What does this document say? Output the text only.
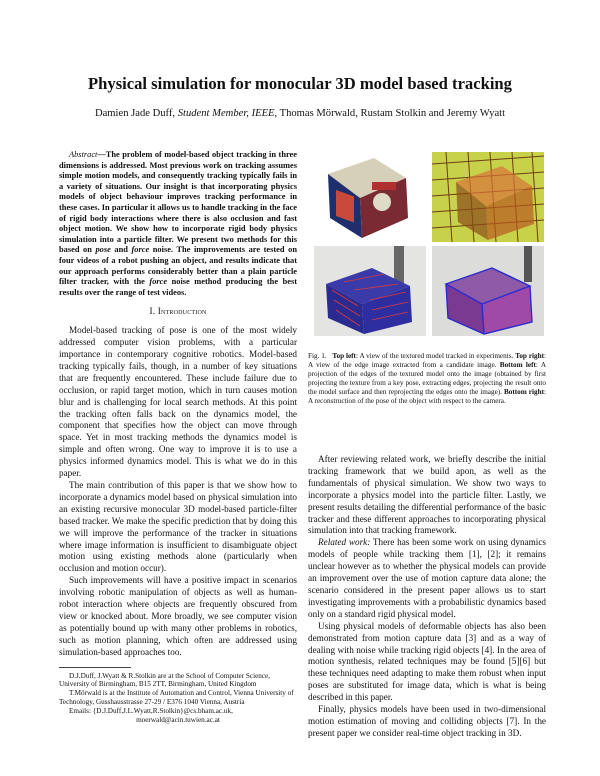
Physical simulation for monocular 3D model based tracking
Damien Jade Duff, Student Member, IEEE, Thomas Mörwald, Rustam Stolkin and Jeremy Wyatt

Abstract—The problem of model-based object tracking in three dimensions is addressed. Most previous work on tracking assumes simple motion models, and consequently tracking typically fails in a variety of situations. Our insight is that incorporating physics models of object behaviour improves tracking performance in these cases. In particular it allows us to handle tracking in the face of rigid body interactions where there is also occlusion and fast object motion. We show how to incorporate rigid body physics simulation into a particle filter. We present two methods for this based on pose and force noise. The improvements are tested on four videos of a robot pushing an object, and results indicate that our approach performs considerably better than a plain particle filter tracker, with the force noise method producing the best results over the range of test videos.

I. Introduction

Model-based tracking of pose is one of the most widely addressed computer vision problems, with a particular importance in contemporary cognitive robotics. Model-based tracking typically fails, though, in a number of key situations that are frequently encountered. These include failure due to occlusion, or rapid target motion, which in turn causes motion blur and is challenging for local search methods. At this point the tracking often falls back on the dynamics model, the component that specifies how the object can move through space. Yet in most tracking methods the dynamics model is simple and often wrong. One way to improve it is to use a physics informed dynamics model. This is what we do in this paper.

The main contribution of this paper is that we show how to incorporate a dynamics model based on physical simulation into an existing recursive monocular 3D model-based particle-filter based tracker. We make the specific prediction that by doing this we will improve the performance of the tracker in situations where image information is insufficient to disambiguate object motion using existing methods alone (particularly when occlusion and motion occur).

Such improvements will have a positive impact in scenarios involving robotic manipulation of objects as well as human-robot interaction where objects are frequently obscured from view or knocked about. More broadly, we see computer vision as potentially bound up with many other problems in robotics, such as motion planning, which often are addressed using simulation-based approaches too.

D.J.Duff, J.Wyatt & R.Stolkin are at the School of Computer Science, University of Birmingham, B15 2TT, Birmingham, United Kingdom
T.Mörwald is at the Institute of Automation and Control, Vienna University of Technology, Gusshausstrasse 27-29 / E376 1040 Vienna, Austria
Emails: {D.J.Duff,J.L.Wyatt,R.Stolkin}@cs.bham.ac.uk,
moerwald@acin.tuwien.ac.at
Fig. 1. Top left: A view of the textured model tracked in experiments. Top right: A view of the edge image extracted from a candidate image. Bottom left: A projection of the edges of the textured model onto the image (obtained by first projecting the texture from a key pose, extracting edges, projecting the result onto the model surface and then reprojecting the edges onto the image). Bottom right: A reconstruction of the pose of the object with respect to the camera.

After reviewing related work, we briefly describe the initial tracking framework that we build apon, as well as the fundamentals of physical simulation. We show two ways to incorporate a physics model into the particle filter. Lastly, we present results detailing the differential performance of the basic tracker and these different approaches to incorporating physical simulation into that tracking framework.

Related work: There has been some work on using dynamics models of people while tracking them [1], [2]; it remains unclear however as to whether the physical models can provide an improvement over the use of motion capture data alone; the scenario considered in the present paper allows us to start investigating improvements with a probabilistic dynamics based only on a standard rigid physical model.

Using physical models of deformable objects has also been demonstrated from motion capture data [3] and as a way of dealing with noise while tracking rigid objects [4]. In the area of motion synthesis, related techniques may be found [5][6] but these techniques need adapting to make them robust when input poses are substituted for image data, which is what is being described in this paper.

Finally, physics models have been used in two-dimensional motion estimation of moving and colliding objects [7]. In the present paper we consider real-time object tracking in 3D.
